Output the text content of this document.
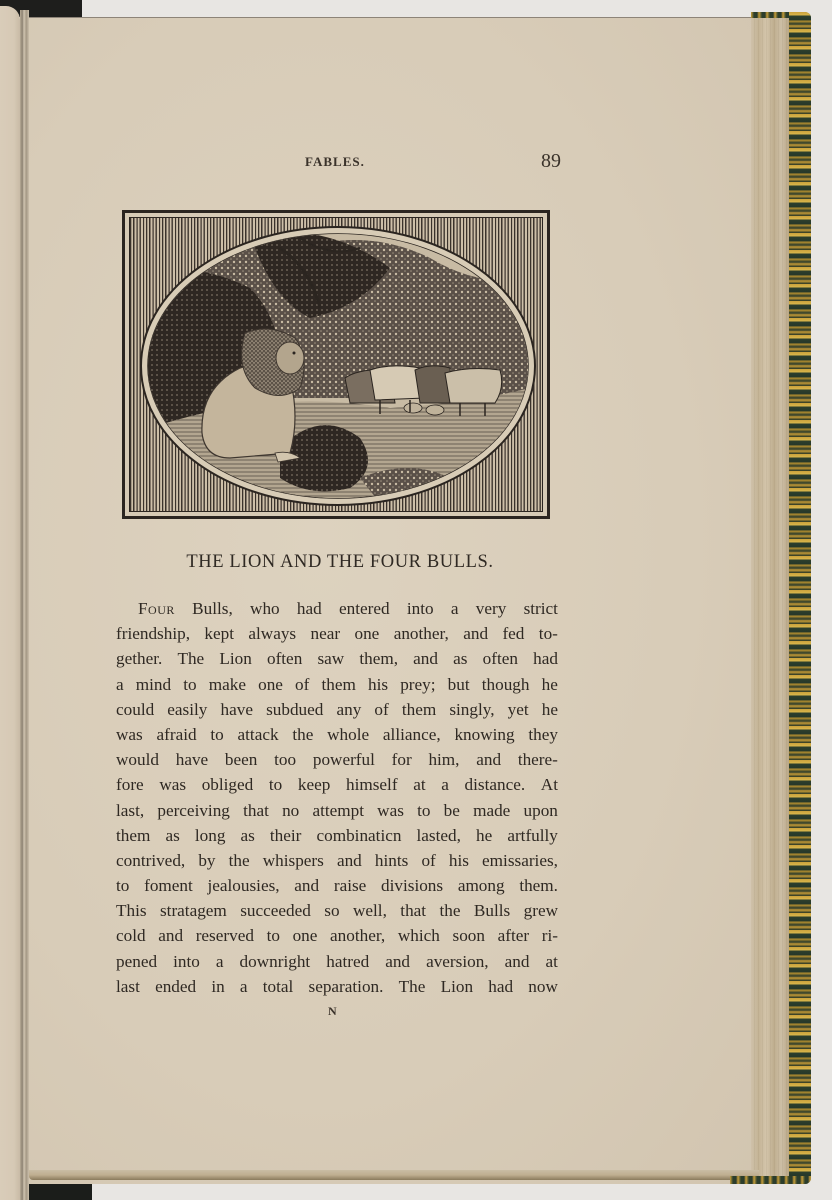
FABLES.	89
THE LION AND THE FOUR BULLS.
Four Bulls, who had entered into a very strict
friendship, kept always near one another, and fed to-
gether. The Lion often saw them, and as often had
a mind to make one of them his prey; but though he
could easily have subdued any of them singly, yet he
was afraid to attack the whole alliance, knowing they
would have been too powerful for him, and there-
fore was obliged to keep himself at a distance. At
last, perceiving that no attempt was to be made upon
them as long as their combinaticn lasted, he artfully
contrived, by the whispers and hints of his emissaries,
to foment jealousies, and raise divisions among them.
This stratagem succeeded so well, that the Bulls grew
cold and reserved to one another, which soon after ri-
pened into a downright hatred and aversion, and at
last ended in a total separation. The Lion had now
N
